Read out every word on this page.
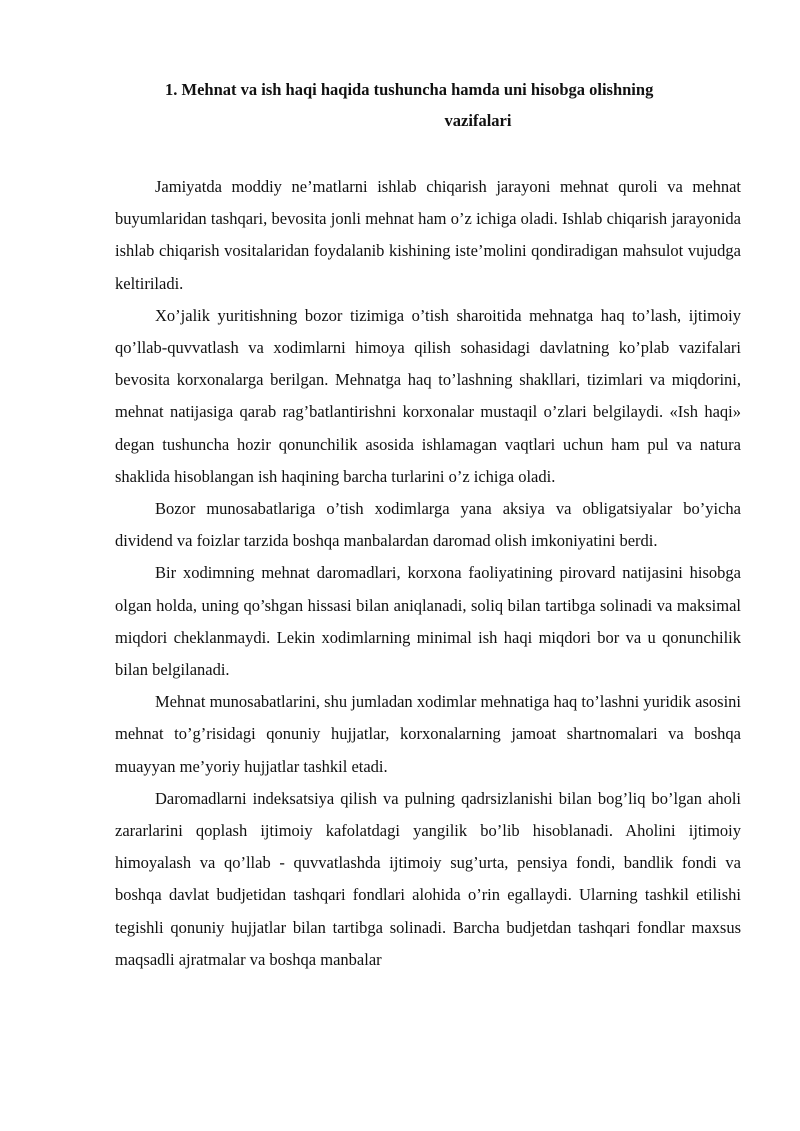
1. Mehnat va ish haqi haqida tushuncha hamda uni hisobga olishning
vazifalari

Jamiyatda moddiy ne’matlarni ishlab chiqarish jarayoni mehnat quroli va mehnat buyumlaridan tashqari, bevosita jonli mehnat ham o’z ichiga oladi. Ishlab chiqarish jarayonida ishlab chiqarish vositalaridan foydalanib kishining iste’molini qondiradigan mahsulot vujudga keltiriladi.

Xo’jalik yuritishning bozor tizimiga o’tish sharoitida mehnatga haq to’lash, ijtimoiy qo’llab-quvvatlash va xodimlarni himoya qilish sohasidagi davlatning ko’plab vazifalari bevosita korxonalarga berilgan. Mehnatga haq to’lashning shakllari, tizimlari va miqdorini, mehnat natijasiga qarab rag’batlantirishni korxonalar mustaqil o’zlari belgilaydi. «Ish haqi» degan tushuncha hozir qonunchilik asosida ishlamagan vaqtlari uchun ham pul va natura shaklida hisoblangan ish haqining barcha turlarini o’z ichiga oladi.

Bozor munosabatlariga o’tish xodimlarga yana aksiya va obligatsiyalar bo’yicha dividend va foizlar tarzida boshqa manbalardan daromad olish imkoniyatini berdi.

Bir xodimning mehnat daromadlari, korxona faoliyatining pirovard natijasini hisobga olgan holda, uning qo’shgan hissasi bilan aniqlanadi, soliq bilan tartibga solinadi va maksimal miqdori cheklanmaydi. Lekin xodimlarning minimal ish haqi miqdori bor va u qonunchilik bilan belgilanadi.

Mehnat munosabatlarini, shu jumladan xodimlar mehnatiga haq to’lashni yuridik asosini mehnat to’g’risidagi qonuniy hujjatlar, korxonalarning jamoat shartnomalari va boshqa muayyan me’yoriy hujjatlar tashkil etadi.

Daromadlarni indeksatsiya qilish va pulning qadrsizlanishi bilan bog’liq bo’lgan aholi zararlarini qoplash ijtimoiy kafolatdagi yangilik bo’lib hisoblanadi. Aholini ijtimoiy himoyalash va qo’llab - quvvatlashda ijtimoiy sug’urta, pensiya fondi, bandlik fondi va boshqa davlat budjetidan tashqari fondlari alohida o’rin egallaydi. Ularning tashkil etilishi tegishli qonuniy hujjatlar bilan tartibga solinadi. Barcha budjetdan tashqari fondlar maxsus maqsadli ajratmalar va boshqa manbalar
